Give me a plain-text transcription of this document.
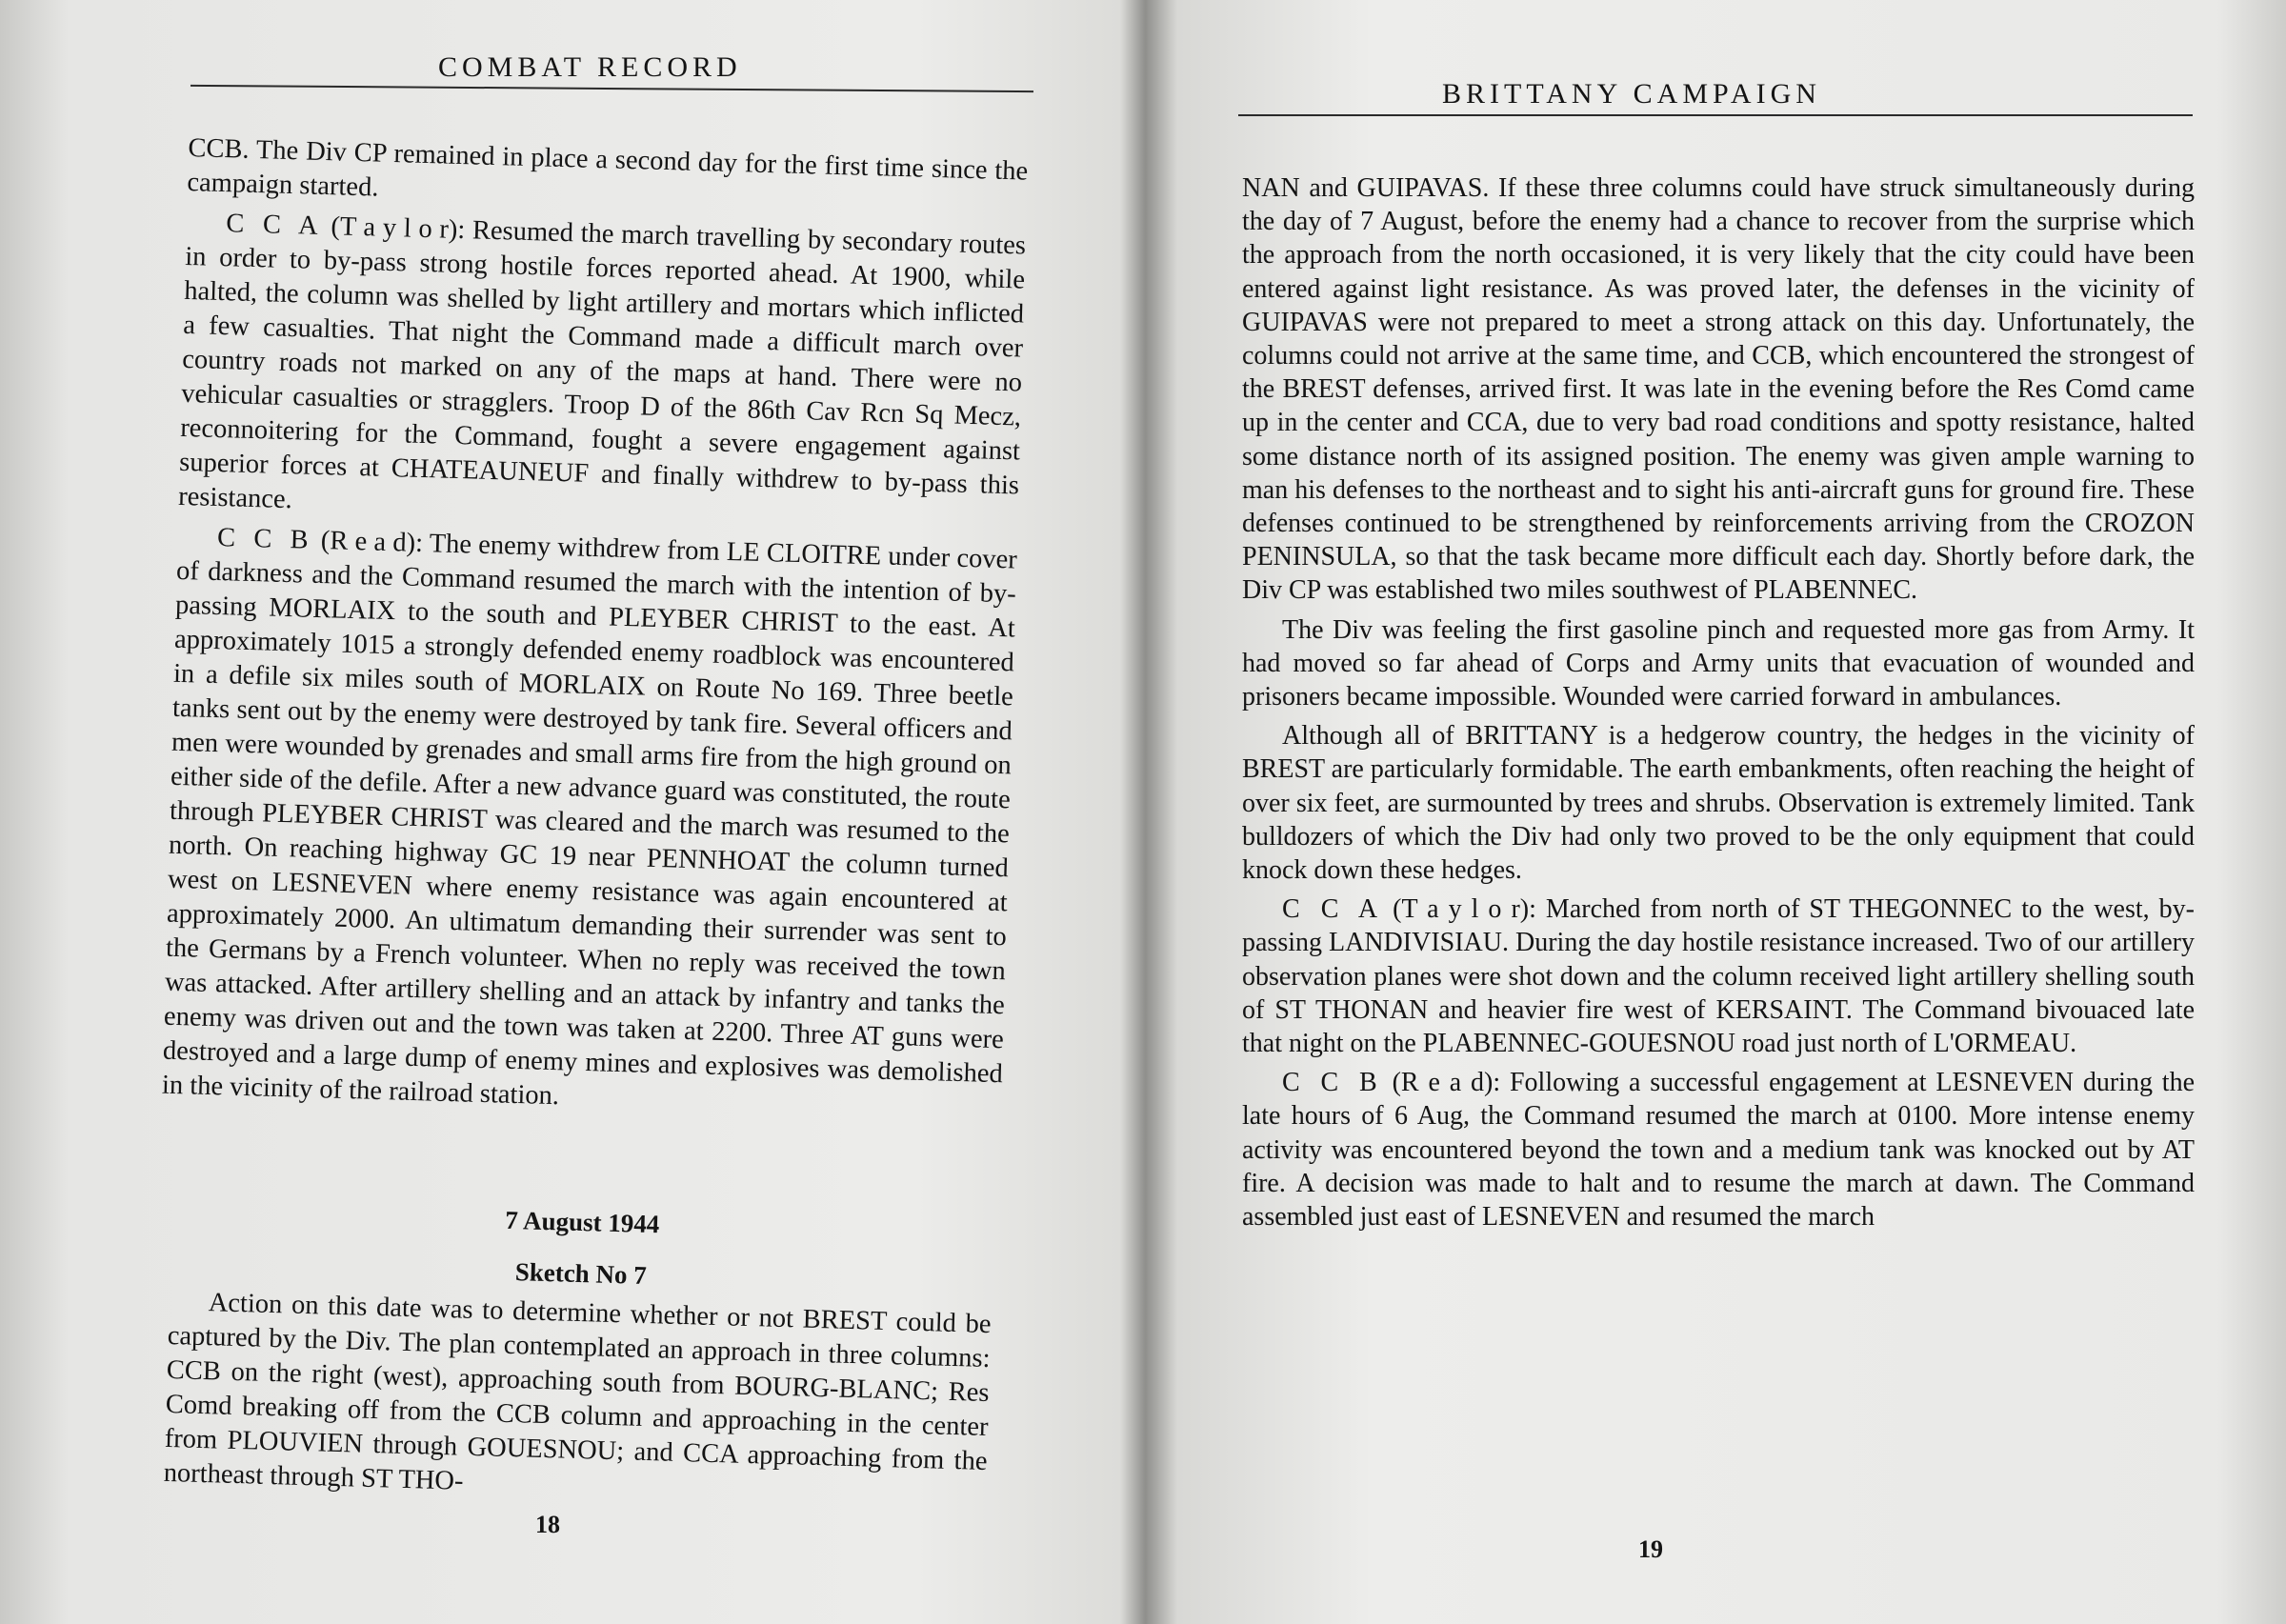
COMBAT RECORD

CCB. The Div CP remained in place a second day for the first time since the campaign started.

C C A (T a y l o r): Resumed the march travelling by secondary routes in order to by-pass strong hostile forces reported ahead. At 1900, while halted, the column was shelled by light artillery and mortars which inflicted a few casualties. That night the Command made a difficult march over country roads not marked on any of the maps at hand. There were no vehicular casualties or stragglers. Troop D of the 86th Cav Rcn Sq Mecz, reconnoitering for the Command, fought a severe engagement against superior forces at CHATEAUNEUF and finally withdrew to by-pass this resistance.

C C B (R e a d): The enemy withdrew from LE CLOITRE under cover of darkness and the Command resumed the march with the intention of by-passing MORLAIX to the south and PLEYBER CHRIST to the east. At approximately 1015 a strongly defended enemy roadblock was encountered in a defile six miles south of MORLAIX on Route No 169. Three beetle tanks sent out by the enemy were destroyed by tank fire. Several officers and men were wounded by grenades and small arms fire from the high ground on either side of the defile. After a new advance guard was constituted, the route through PLEYBER CHRIST was cleared and the march was resumed to the north. On reaching highway GC 19 near PENNHOAT the column turned west on LESNEVEN where enemy resistance was again encountered at approximately 2000. An ultimatum demanding their surrender was sent to the Germans by a French volunteer. When no reply was received the town was attacked. After artillery shelling and an attack by infantry and tanks the enemy was driven out and the town was taken at 2200. Three AT guns were destroyed and a large dump of enemy mines and explosives was demolished in the vicinity of the railroad station.

7 August 1944

Sketch No 7

Action on this date was to determine whether or not BREST could be captured by the Div. The plan contemplated an approach in three columns: CCB on the right (west), approaching south from BOURG-BLANC; Res Comd breaking off from the CCB column and approaching in the center from PLOUVIEN through GOUESNOU; and CCA approaching from the northeast through ST THO-

18
BRITTANY CAMPAIGN

NAN and GUIPAVAS. If these three columns could have struck simultaneously during the day of 7 August, before the enemy had a chance to recover from the surprise which the approach from the north occasioned, it is very likely that the city could have been entered against light resistance. As was proved later, the defenses in the vicinity of GUIPAVAS were not prepared to meet a strong attack on this day. Unfortunately, the columns could not arrive at the same time, and CCB, which encountered the strongest of the BREST defenses, arrived first. It was late in the evening before the Res Comd came up in the center and CCA, due to very bad road conditions and spotty resistance, halted some distance north of its assigned position. The enemy was given ample warning to man his defenses to the northeast and to sight his anti-aircraft guns for ground fire. These defenses continued to be strengthened by reinforcements arriving from the CROZON PENINSULA, so that the task became more difficult each day. Shortly before dark, the Div CP was established two miles southwest of PLABENNEC.

The Div was feeling the first gasoline pinch and requested more gas from Army. It had moved so far ahead of Corps and Army units that evacuation of wounded and prisoners became impossible. Wounded were carried forward in ambulances.

Although all of BRITTANY is a hedgerow country, the hedges in the vicinity of BREST are particularly formidable. The earth embankments, often reaching the height of over six feet, are surmounted by trees and shrubs. Observation is extremely limited. Tank bulldozers of which the Div had only two proved to be the only equipment that could knock down these hedges.

C C A (T a y l o r): Marched from north of ST THEGONNEC to the west, by-passing LANDIVISIAU. During the day hostile resistance increased. Two of our artillery observation planes were shot down and the column received light artillery shelling south of ST THONAN and heavier fire west of KERSAINT. The Command bivouaced late that night on the PLABENNEC-GOUESNOU road just north of L'ORMEAU.

C C B (R e a d): Following a successful engagement at LESNEVEN during the late hours of 6 Aug, the Command resumed the march at 0100. More intense enemy activity was encountered beyond the town and a medium tank was knocked out by AT fire. A decision was made to halt and to resume the march at dawn. The Command assembled just east of LESNEVEN and resumed the march

19
